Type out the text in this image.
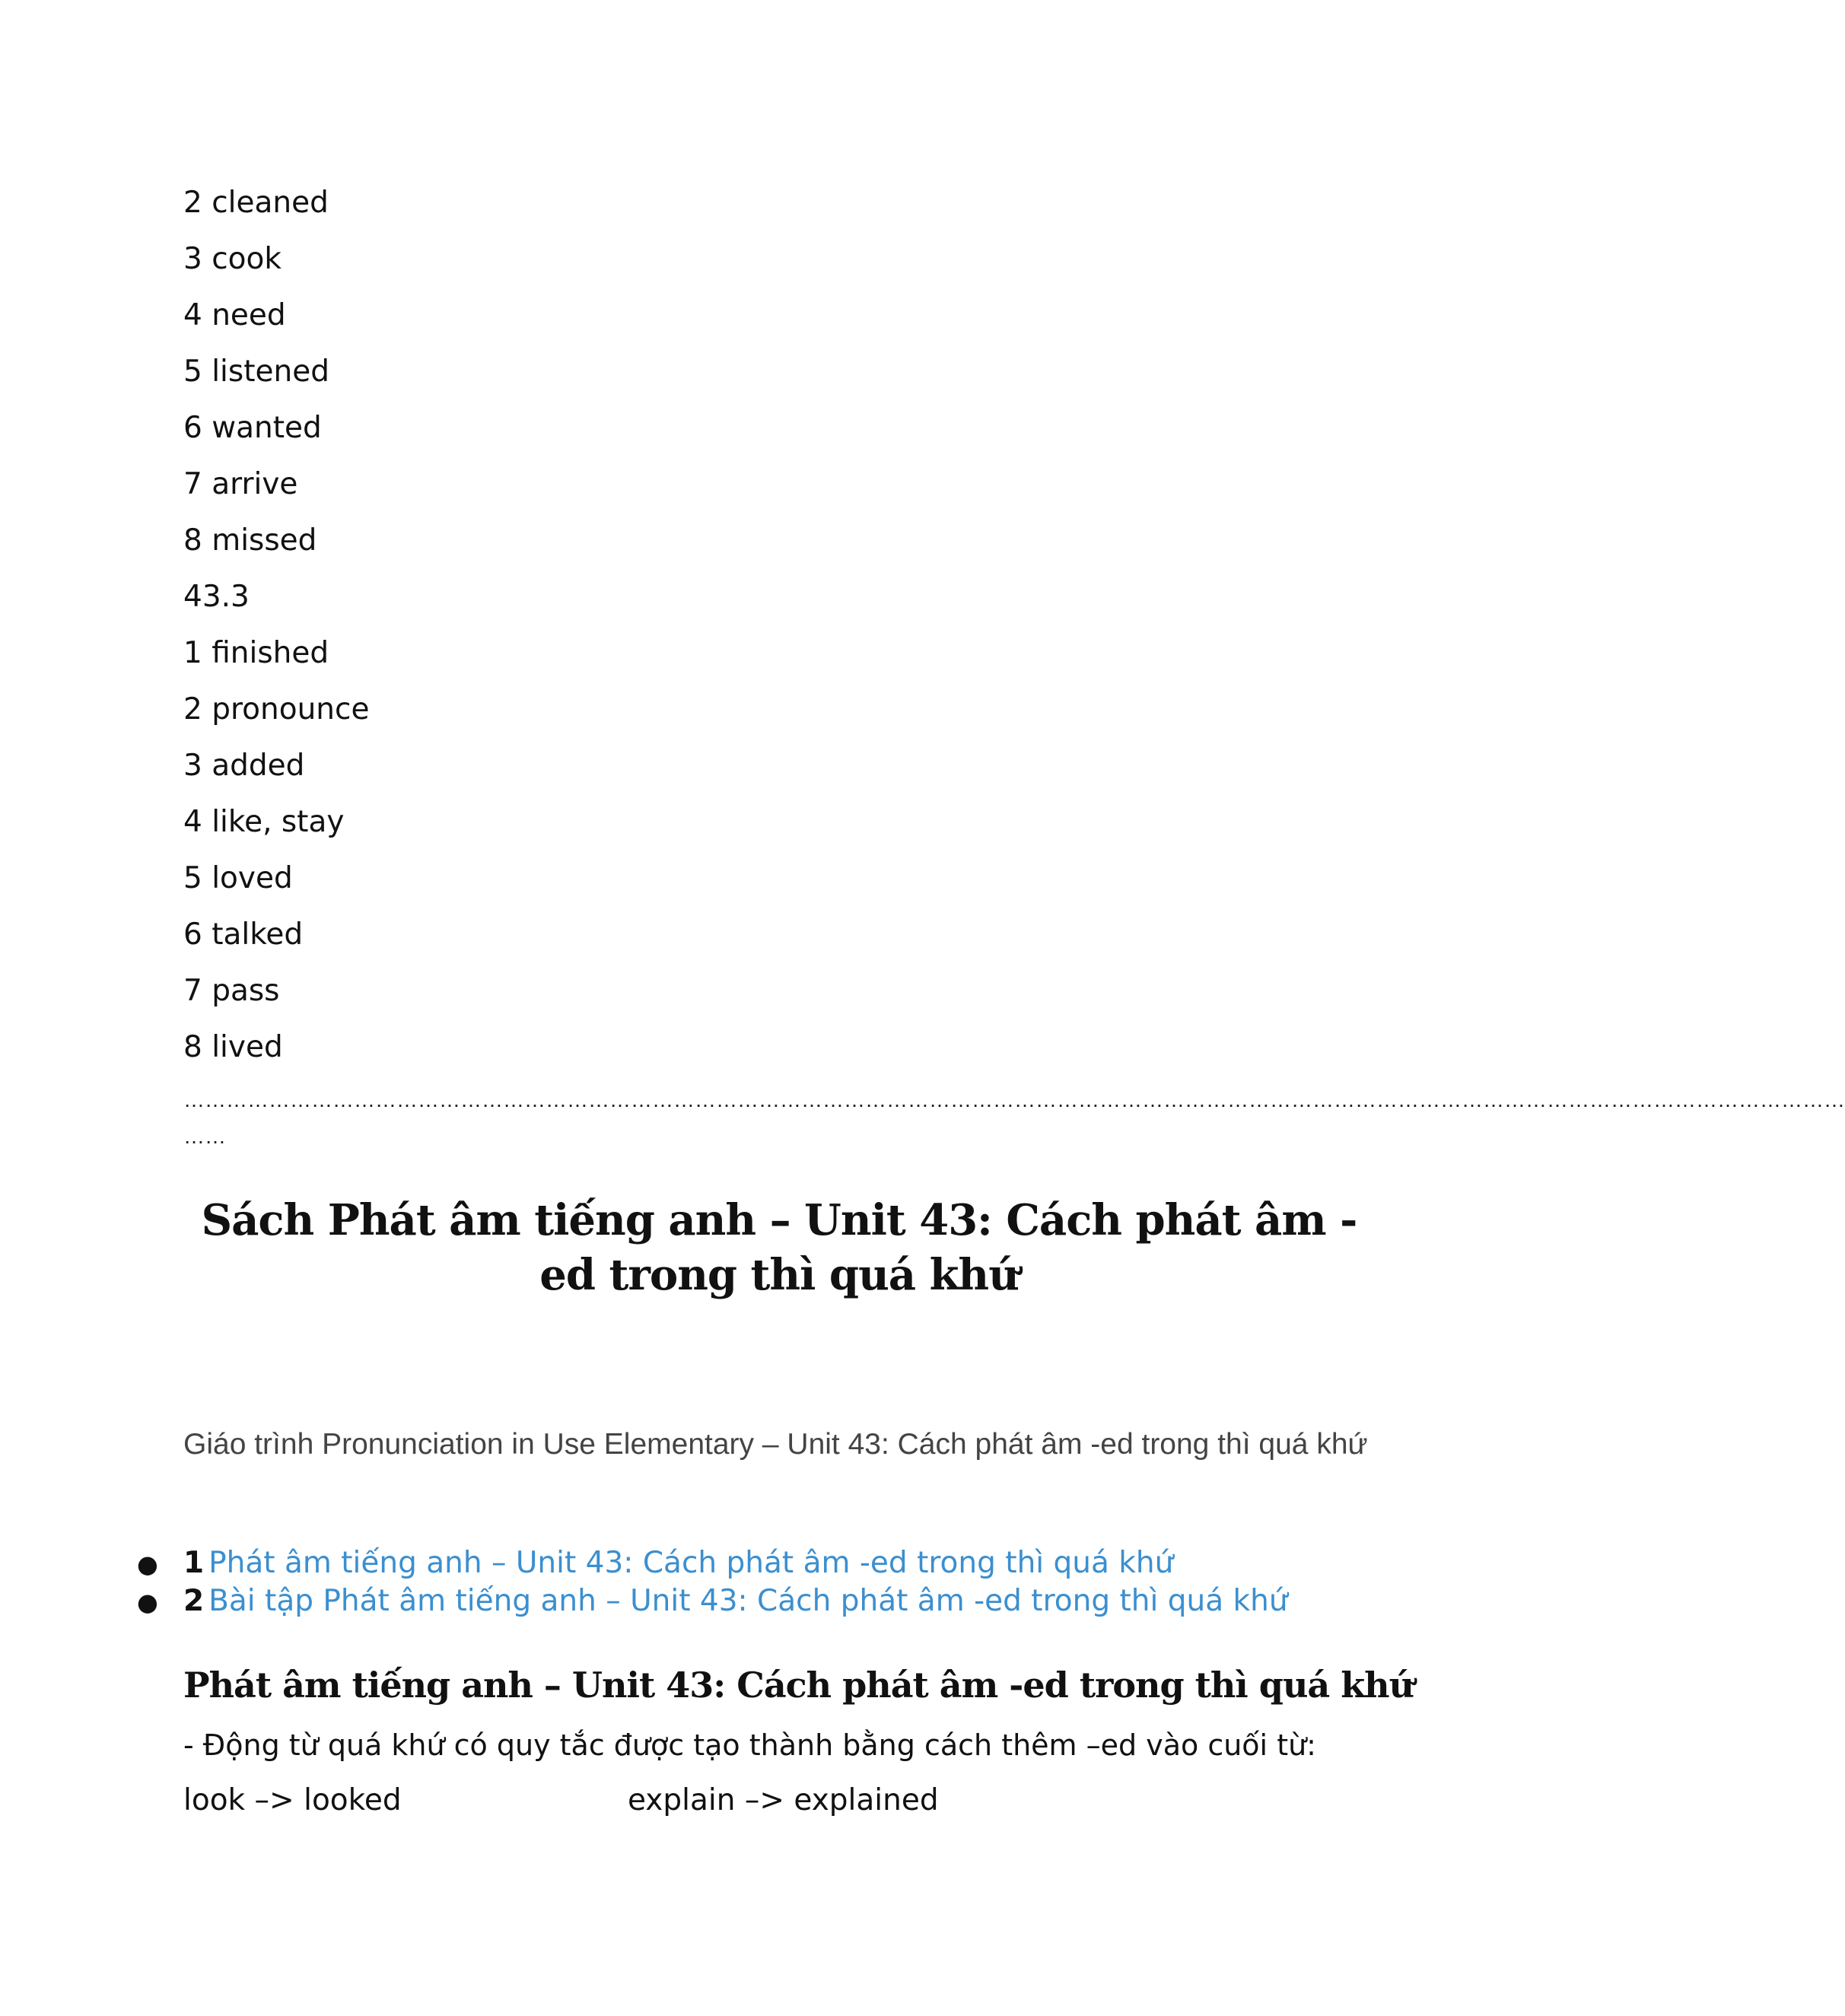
2 cleaned
3 cook
4 need
5 listened
6 wanted
7 arrive
8 missed
43.3
1 finished
2 pronounce
3 added
4 like, stay
5 loved
6 talked
7 pass
8 lived
………………………………………………………………………………………………………………………………………………………………………………………………………………
……
Sách Phát âm tiếng anh – Unit 43: Cách phát âm -ed trong thì quá khứ

Giáo trình Pronunciation in Use Elementary – Unit 43: Cách phát âm -ed trong thì quá khứ

● 1 Phát âm tiếng anh – Unit 43: Cách phát âm -ed trong thì quá khứ
● 2 Bài tập Phát âm tiếng anh – Unit 43: Cách phát âm -ed trong thì quá khứ
Phát âm tiếng anh – Unit 43: Cách phát âm -ed trong thì quá khứ
- Động từ quá khứ có quy tắc được tạo thành bằng cách thêm –ed vào cuối từ:
look –> looked	explain –> explained
